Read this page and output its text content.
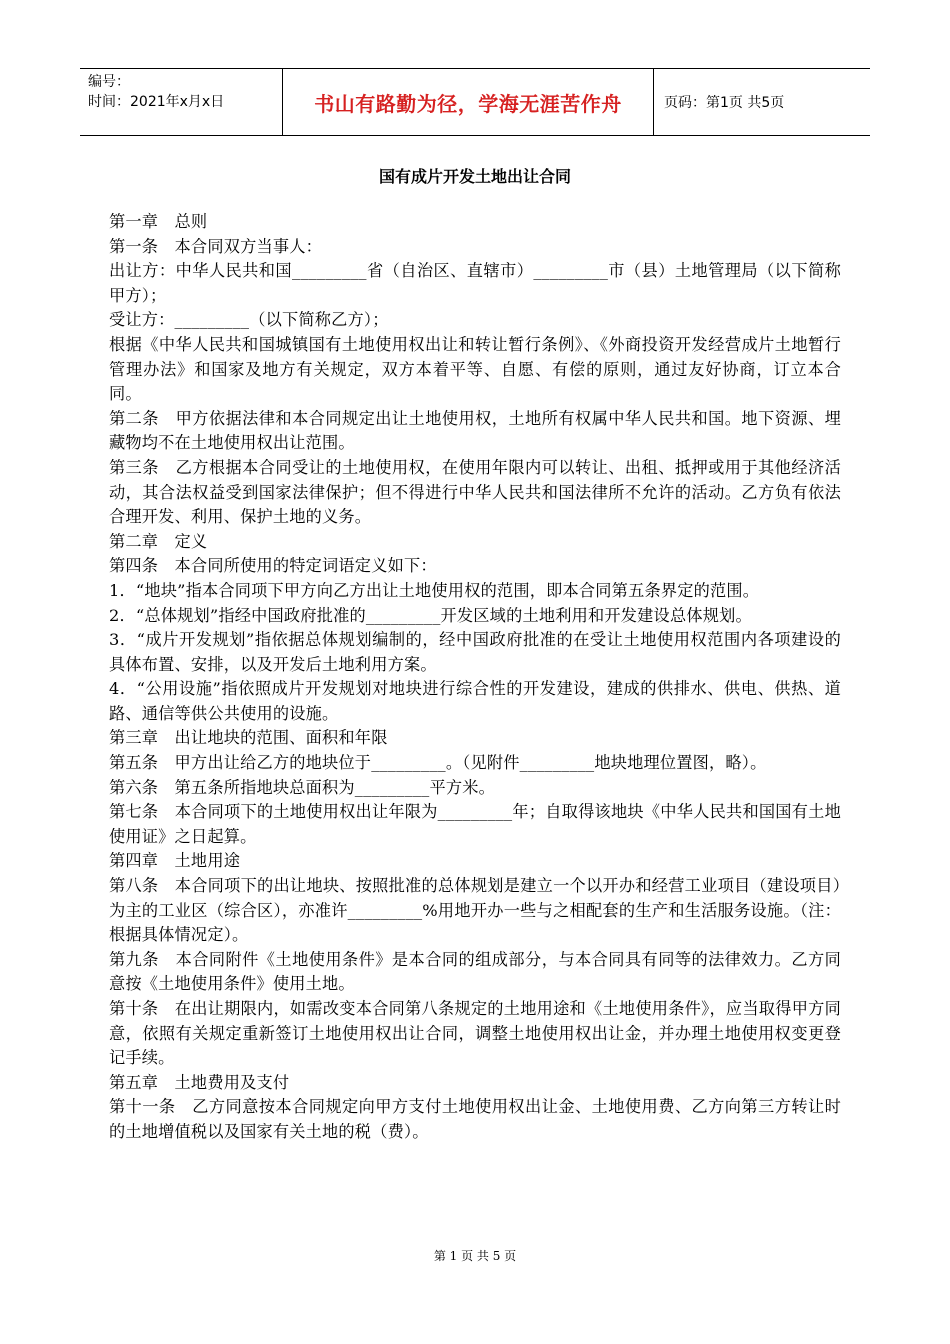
编号：
时间：2021年x月x日	书山有路勤为径，学海无涯苦作舟	页码：第1页 共5页
国有成片开发土地出让合同

第一章　总则

第一条　本合同双方当事人：

出让方：中华人民共和国_________省（自治区、直辖市）_________市（县）土地管理局（以下简称甲方）；

受让方：_________（以下简称乙方）；

根据《中华人民共和国城镇国有土地使用权出让和转让暂行条例》、《外商投资开发经营成片土地暂行管理办法》和国家及地方有关规定，双方本着平等、自愿、有偿的原则，通过友好协商，订立本合同。

第二条　甲方依据法律和本合同规定出让土地使用权，土地所有权属中华人民共和国。地下资源、埋藏物均不在土地使用权出让范围。

第三条　乙方根据本合同受让的土地使用权，在使用年限内可以转让、出租、抵押或用于其他经济活动，其合法权益受到国家法律保护；但不得进行中华人民共和国法律所不允许的活动。乙方负有依法合理开发、利用、保护土地的义务。

第二章　定义

第四条　本合同所使用的特定词语定义如下：

1．“地块”指本合同项下甲方向乙方出让土地使用权的范围，即本合同第五条界定的范围。

2．“总体规划”指经中国政府批准的_________开发区域的土地利用和开发建设总体规划。

3．“成片开发规划”指依据总体规划编制的，经中国政府批准的在受让土地使用权范围内各项建设的具体布置、安排，以及开发后土地利用方案。

4．“公用设施”指依照成片开发规划对地块进行综合性的开发建设，建成的供排水、供电、供热、道路、通信等供公共使用的设施。

第三章　出让地块的范围、面积和年限

第五条　甲方出让给乙方的地块位于_________。（见附件_________地块地理位置图，略）。

第六条　第五条所指地块总面积为_________平方米。

第七条　本合同项下的土地使用权出让年限为_________年；自取得该地块《中华人民共和国国有土地使用证》之日起算。

第四章　土地用途

第八条　本合同项下的出让地块、按照批准的总体规划是建立一个以开办和经营工业项目（建设项目）为主的工业区（综合区），亦准许_________%用地开办一些与之相配套的生产和生活服务设施。（注：根据具体情况定）。

第九条　本合同附件《土地使用条件》是本合同的组成部分，与本合同具有同等的法律效力。乙方同意按《土地使用条件》使用土地。

第十条　在出让期限内，如需改变本合同第八条规定的土地用途和《土地使用条件》，应当取得甲方同意，依照有关规定重新签订土地使用权出让合同，调整土地使用权出让金，并办理土地使用权变更登记手续。

第五章　土地费用及支付

第十一条　乙方同意按本合同规定向甲方支付土地使用权出让金、土地使用费、乙方向第三方转让时的土地增值税以及国家有关土地的税（费）。

第 1 页 共 5 页
